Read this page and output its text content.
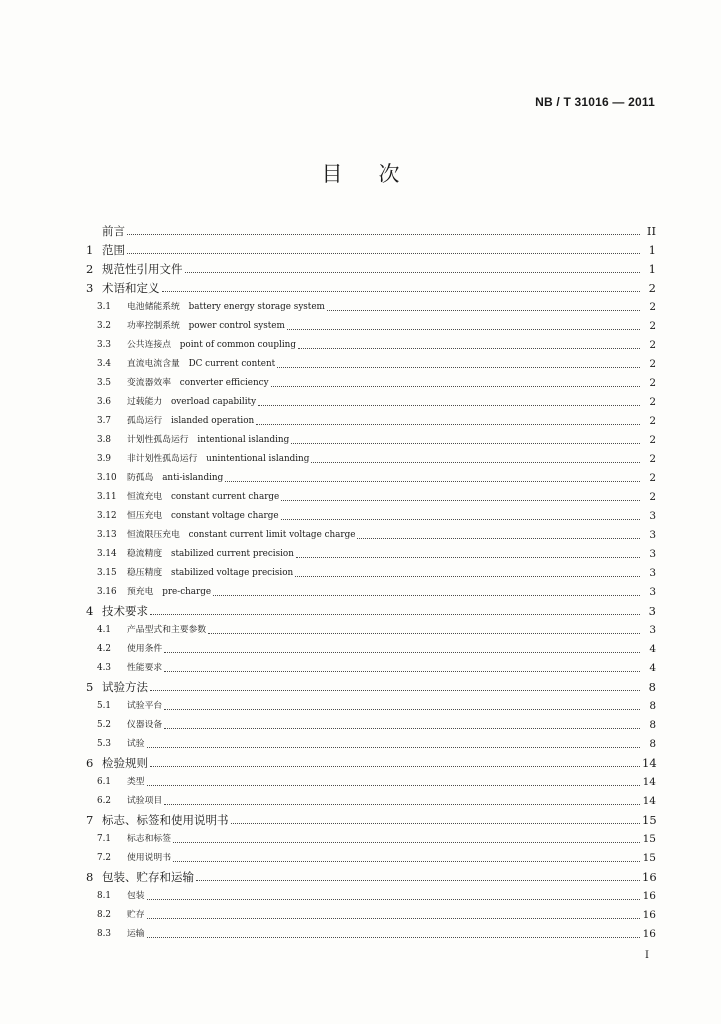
NB / T 31016 — 2011
目次
前言	II
1 范围	1
2 规范性引用文件	1
3 术语和定义	2
3.1	电池储能系统　battery energy storage system	2
3.2	功率控制系统　power control system	2
3.3	公共连接点　point of common coupling	2
3.4	直流电流含量　DC current content	2
3.5	变流器效率　converter efficiency	2
3.6	过载能力　overload capability	2
3.7	孤岛运行　islanded operation	2
3.8	计划性孤岛运行　intentional islanding	2
3.9	非计划性孤岛运行　unintentional islanding	2
3.10	防孤岛　anti-islanding	2
3.11	恒流充电　constant current charge	2
3.12	恒压充电　constant voltage charge	3
3.13	恒流限压充电　constant current limit voltage charge	3
3.14	稳流精度　stabilized current precision	3
3.15	稳压精度　stabilized voltage precision	3
3.16	预充电　pre-charge	3
4 技术要求	3
4.1	产品型式和主要参数	3
4.2	使用条件	4
4.3	性能要求	4
5 试验方法	8
5.1	试验平台	8
5.2	仪器设备	8
5.3	试验	8
6 检验规则	14
6.1	类型	14
6.2	试验项目	14
7 标志、标签和使用说明书	15
7.1	标志和标签	15
7.2	使用说明书	15
8 包装、贮存和运输	16
8.1	包装	16
8.2	贮存	16
8.3	运输	16
I
